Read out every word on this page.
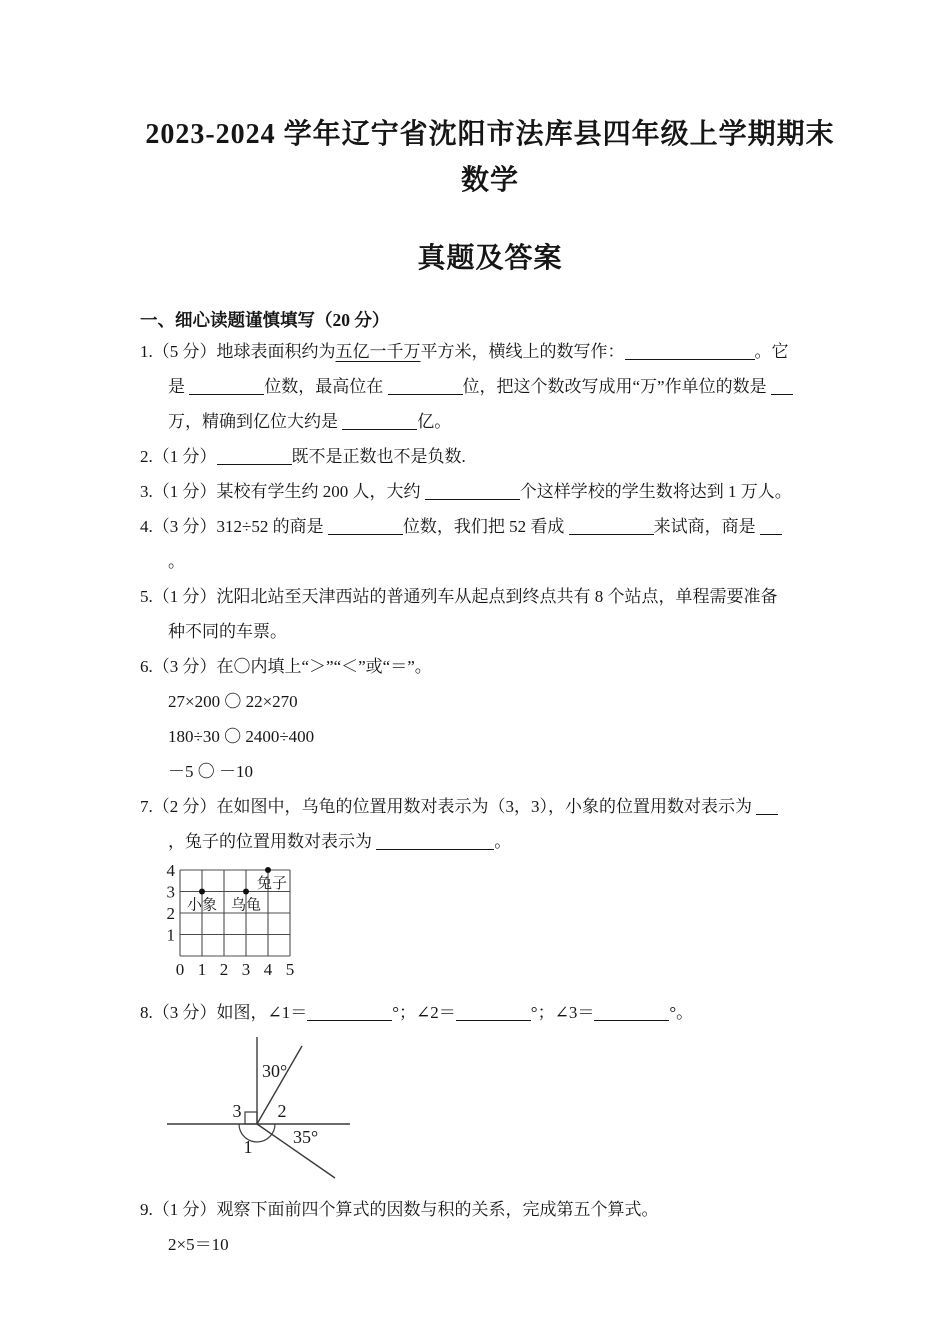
2023-2024 学年辽宁省沈阳市法库县四年级上学期期末数学
真题及答案
一、细心读题谨慎填写（20 分）
1.（5 分）地球表面积约为五亿一千万平方米，横线上的数写作：	。它
是	位数，最高位在	位，把这个数改写成用“万”作单位的数是
万，精确到亿位大约是	亿。
2.（1 分）	既不是正数也不是负数.
3.（1 分）某校有学生约 200 人，大约	个这样学校的学生数将达到 1 万人。
4.（3 分）312÷52 的商是	位数，我们把 52 看成	来试商，商是
。
5.（1 分）沈阳北站至天津西站的普通列车从起点到终点共有 8 个站点，单程需要准备
种不同的车票。
6.（3 分）在〇内填上“＞”“＜”或“＝”。
27×200 〇 22×270
180÷30 〇 2400÷400
－5 〇 －10
7.（2 分）在如图中，乌龟的位置用数对表示为（3，3），小象的位置用数对表示为
，兔子的位置用数对表示为	。
4
3
2
1
0 1 2 3 4 5
小象 乌龟
兔子
8.（3 分）如图，∠1＝	°；∠2＝	°；∠3＝	°。
30°
3 2
35°
1
9.（1 分）观察下面前四个算式的因数与积的关系，完成第五个算式。
2×5＝10
